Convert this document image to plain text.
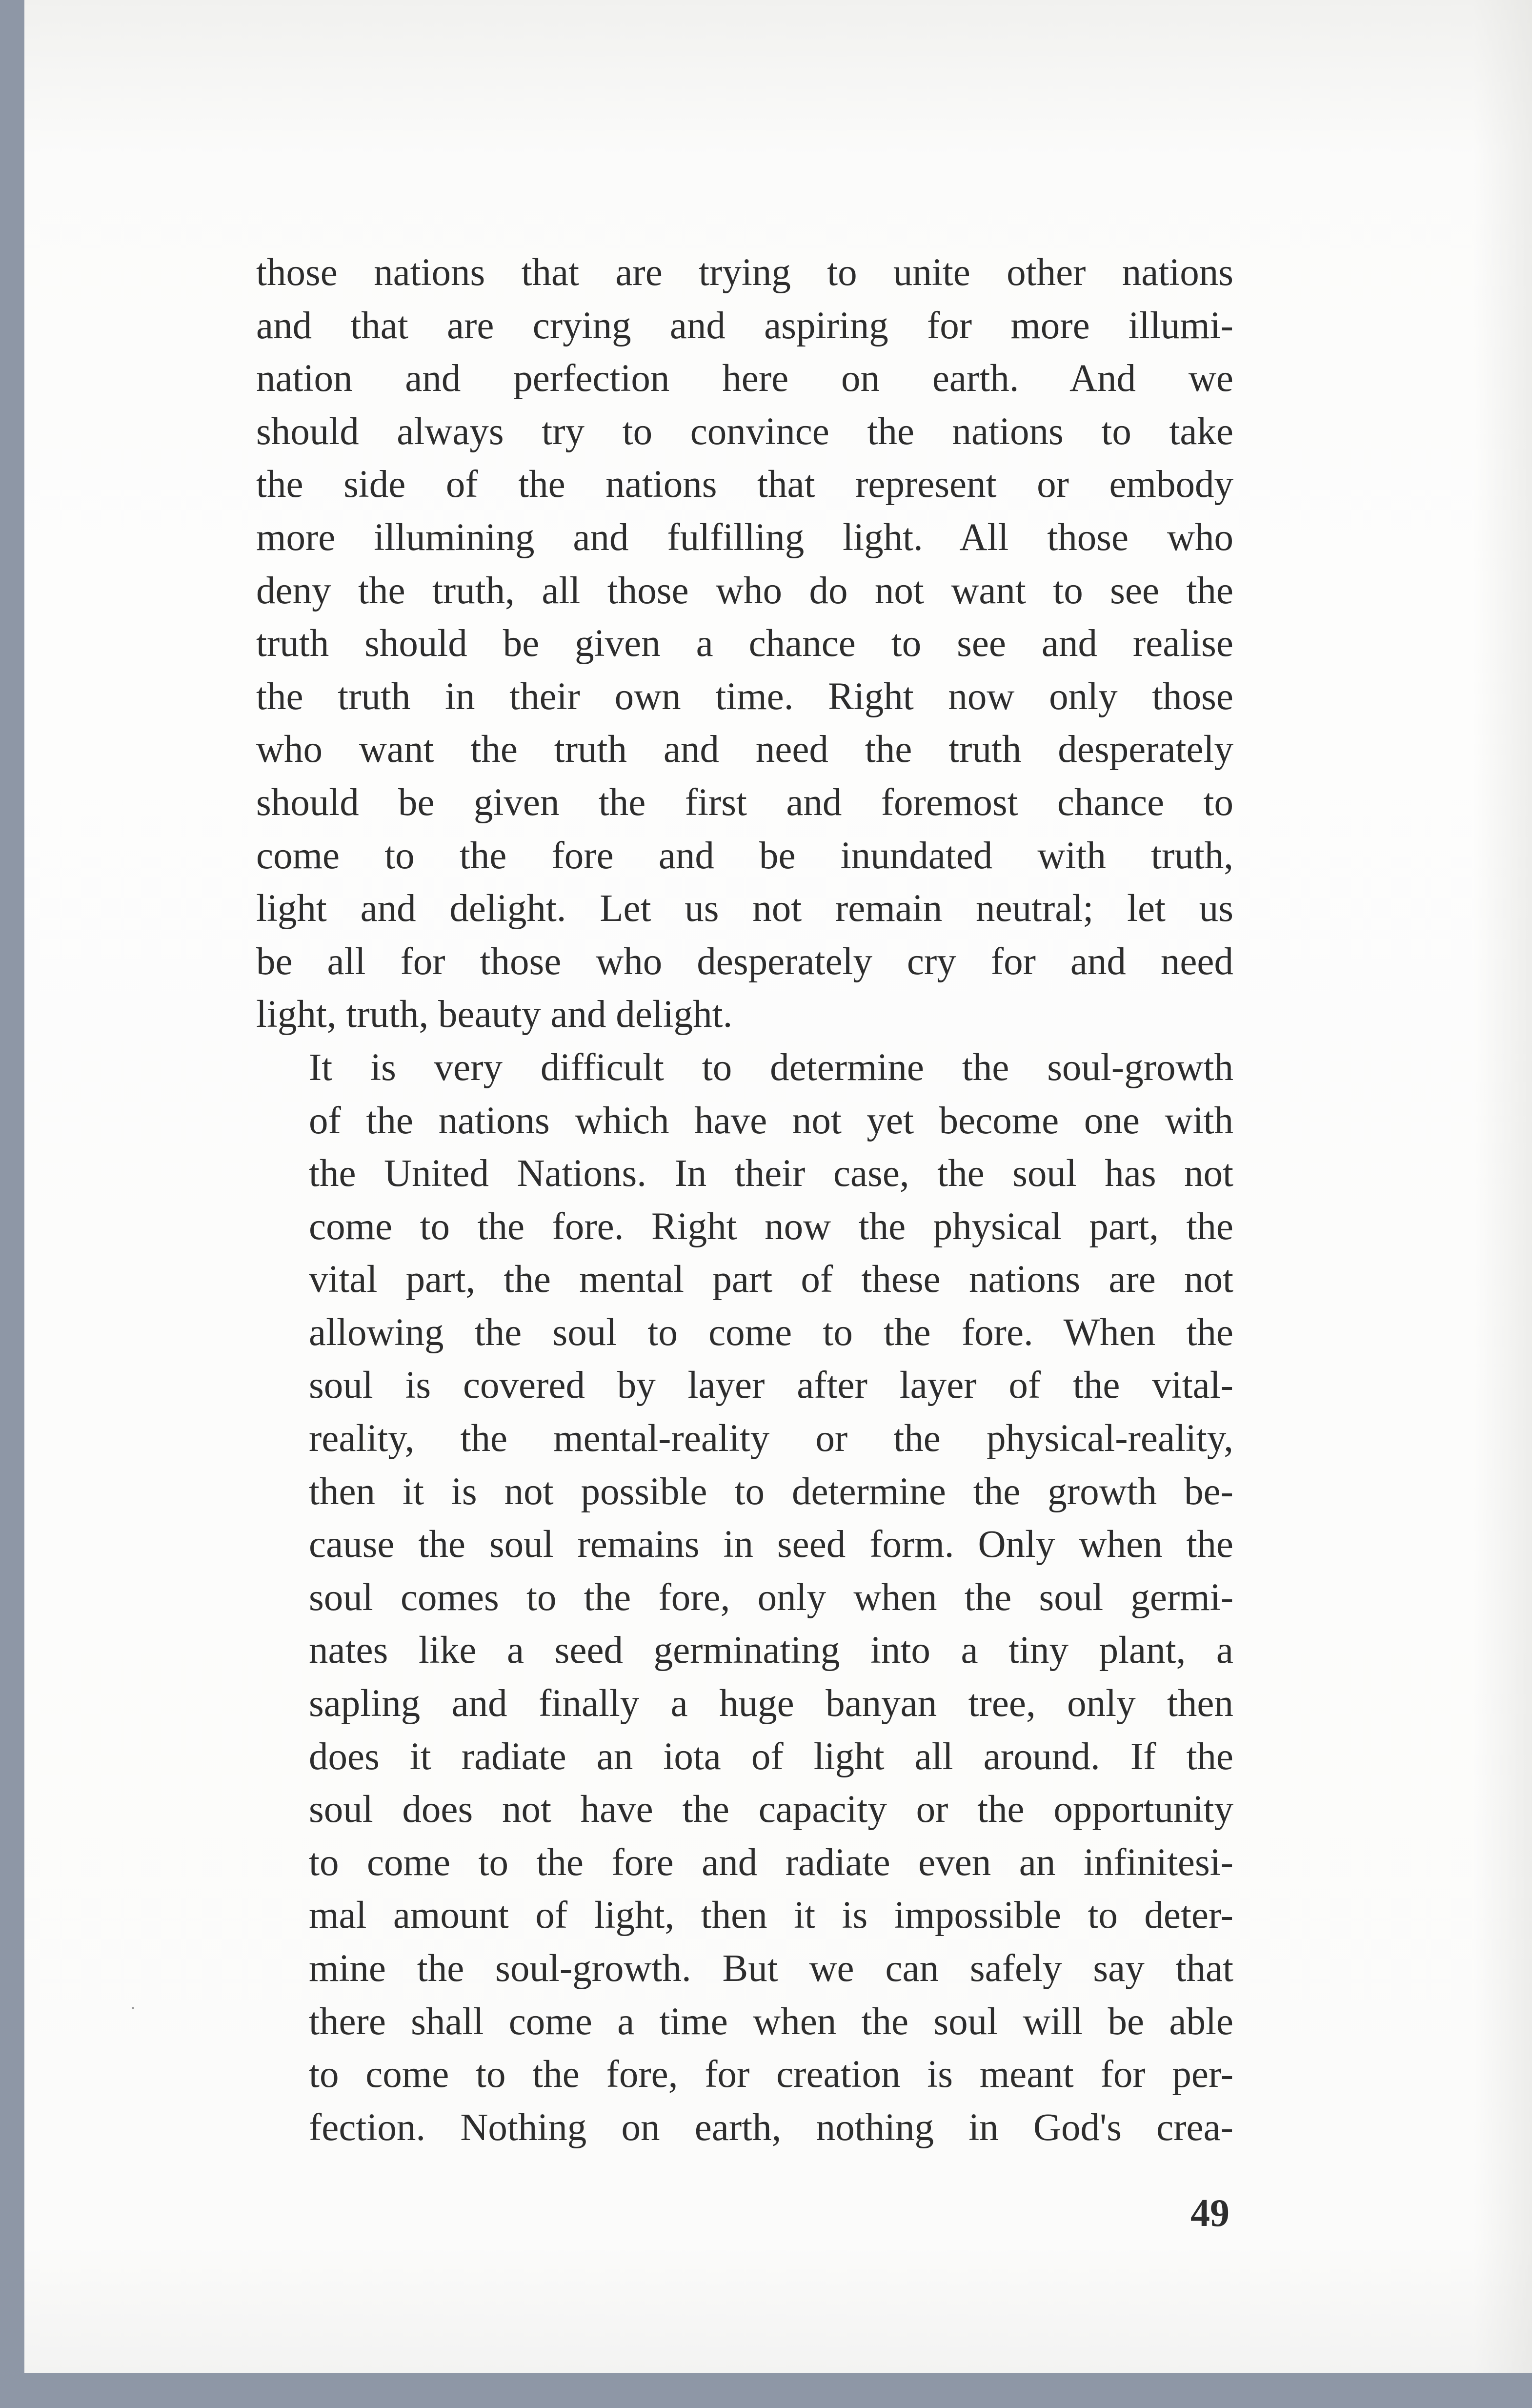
those nations that are trying to unite other nations
and that are crying and aspiring for more illumi-
nation and perfection here on earth. And we
should always try to convince the nations to take
the side of the nations that represent or embody
more illumining and fulfilling light. All those who
deny the truth, all those who do not want to see the
truth should be given a chance to see and realise
the truth in their own time. Right now only those
who want the truth and need the truth desperately
should be given the first and foremost chance to
come to the fore and be inundated with truth,
light and delight. Let us not remain neutral; let us
be all for those who desperately cry for and need
light, truth, beauty and delight.

It is very difficult to determine the soul-growth
of the nations which have not yet become one with
the United Nations. In their case, the soul has not
come to the fore. Right now the physical part, the
vital part, the mental part of these nations are not
allowing the soul to come to the fore. When the
soul is covered by layer after layer of the vital-
reality, the mental-reality or the physical-reality,
then it is not possible to determine the growth be-
cause the soul remains in seed form. Only when the
soul comes to the fore, only when the soul germi-
nates like a seed germinating into a tiny plant, a
sapling and finally a huge banyan tree, only then
does it radiate an iota of light all around. If the
soul does not have the capacity or the opportunity
to come to the fore and radiate even an infinitesi-
mal amount of light, then it is impossible to deter-
mine the soul-growth. But we can safely say that
there shall come a time when the soul will be able
to come to the fore, for creation is meant for per-
fection. Nothing on earth, nothing in God's crea-

49
